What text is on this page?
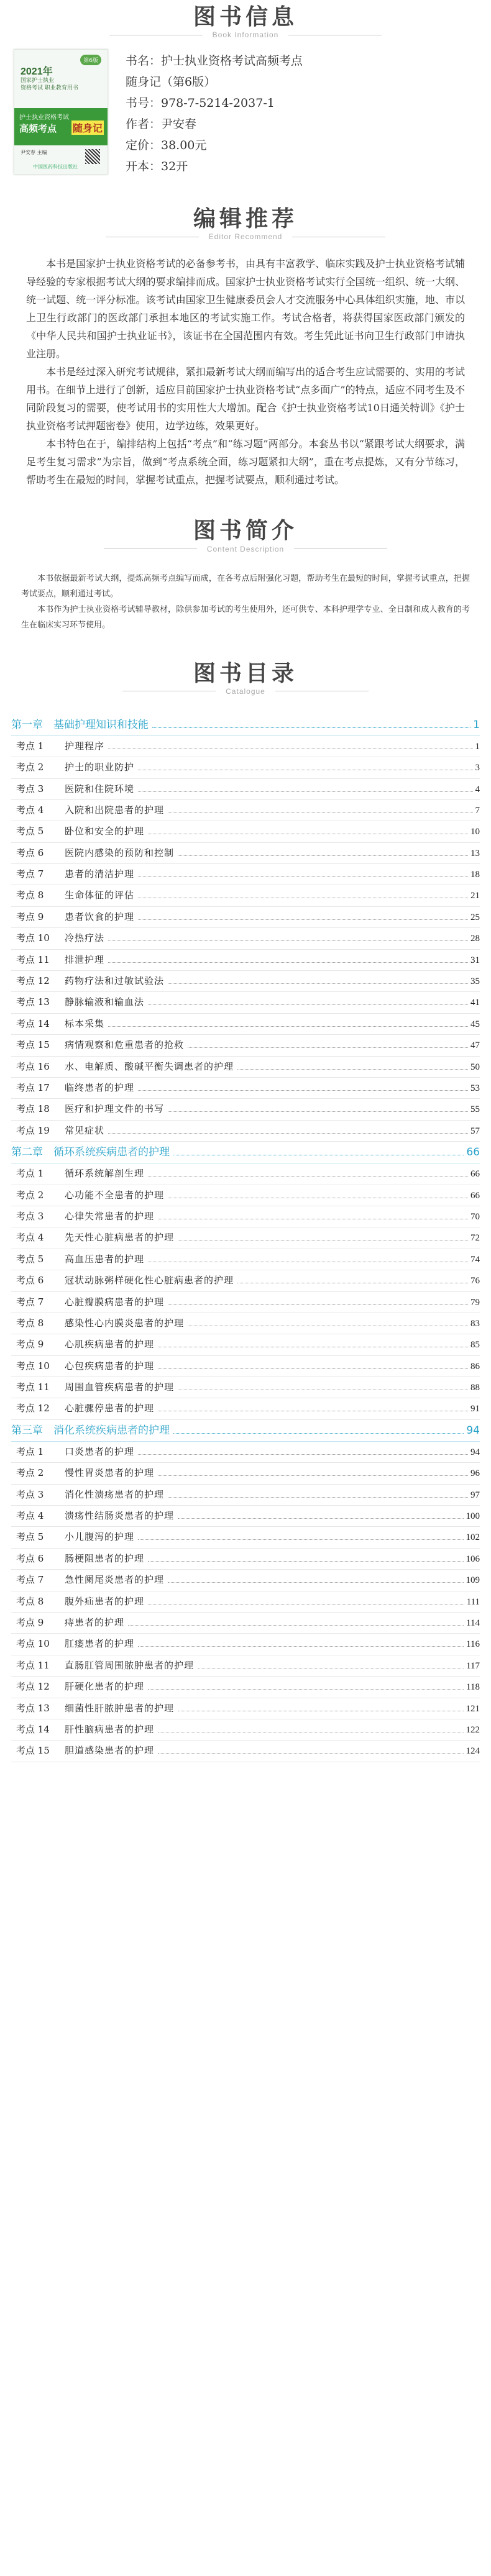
图书信息
Book Information
第6版
2021年
国家护士执业
资格考试 职业教育用书
护士执业资格考试
高频考点 随身记
尹安春 主编
中国医药科技出版社
书名：护士执业资格考试高频考点
随身记（第6版）
书号：978-7-5214-2037-1
作者：尹安春
定价：38.00元
开本：32开
编辑推荐
Editor Recommend

本书是国家护士执业资格考试的必备参考书，由具有丰富教学、临床实践及护士执业资格考试辅导经验的专家根据考试大纲的要求编排而成。国家护士执业资格考试实行全国统一组织、统一大纲、统一试题、统一评分标准。该考试由国家卫生健康委员会人才交流服务中心具体组织实施，地、市以上卫生行政部门的医政部门承担本地区的考试实施工作。考试合格者，将获得国家医政部门颁发的《中华人民共和国护士执业证书》，该证书在全国范围内有效。考生凭此证书向卫生行政部门申请执业注册。

本书是经过深入研究考试规律，紧扣最新考试大纲而编写出的适合考生应试需要的、实用的考试用书。在细节上进行了创新，适应目前国家护士执业资格考试“点多面广”的特点，适应不同考生及不同阶段复习的需要，使考试用书的实用性大大增加。配合《护士执业资格考试10日通关特训》《护士执业资格考试押题密卷》使用，边学边练，效果更好。

本书特色在于，编排结构上包括“考点”和“练习题”两部分。本套丛书以“紧跟考试大纲要求，满足考生复习需求”为宗旨，做到“考点系统全面，练习题紧扣大纲”，重在考点提炼，又有分节练习，帮助考生在最短的时间，掌握考试重点，把握考试要点，顺利通过考试。

图书简介
Content Description

本书依据最新考试大纲，提炼高频考点编写而成，在各考点后附强化习题，帮助考生在最短的时间，掌握考试重点，把握考试要点，顺利通过考试。

本书作为护士执业资格考试辅导教材，除供参加考试的考生使用外，还可供专、本科护理学专业、全日制和成人教育的考生在临床实习环节使用。

图书目录
Catalogue
第一章　基础护理知识和技能	1
考点 1	护理程序	1
考点 2	护士的职业防护	3
考点 3	医院和住院环境	4
考点 4	入院和出院患者的护理	7
考点 5	卧位和安全的护理	10
考点 6	医院内感染的预防和控制	13
考点 7	患者的清洁护理	18
考点 8	生命体征的评估	21
考点 9	患者饮食的护理	25
考点 10	冷热疗法	28
考点 11	排泄护理	31
考点 12	药物疗法和过敏试验法	35
考点 13	静脉输液和输血法	41
考点 14	标本采集	45
考点 15	病情观察和危重患者的抢救	47
考点 16	水、电解质、酸碱平衡失调患者的护理	50
考点 17	临终患者的护理	53
考点 18	医疗和护理文件的书写	55
考点 19	常见症状	57
第二章　循环系统疾病患者的护理	66
考点 1	循环系统解剖生理	66
考点 2	心功能不全患者的护理	66
考点 3	心律失常患者的护理	70
考点 4	先天性心脏病患者的护理	72
考点 5	高血压患者的护理	74
考点 6	冠状动脉粥样硬化性心脏病患者的护理	76
考点 7	心脏瓣膜病患者的护理	79
考点 8	感染性心内膜炎患者的护理	83
考点 9	心肌疾病患者的护理	85
考点 10	心包疾病患者的护理	86
考点 11	周围血管疾病患者的护理	88
考点 12	心脏骤停患者的护理	91
第三章　消化系统疾病患者的护理	94
考点 1	口炎患者的护理	94
考点 2	慢性胃炎患者的护理	96
考点 3	消化性溃疡患者的护理	97
考点 4	溃疡性结肠炎患者的护理	100
考点 5	小儿腹泻的护理	102
考点 6	肠梗阻患者的护理	106
考点 7	急性阑尾炎患者的护理	109
考点 8	腹外疝患者的护理	111
考点 9	痔患者的护理	114
考点 10	肛瘘患者的护理	116
考点 11	直肠肛管周围脓肿患者的护理	117
考点 12	肝硬化患者的护理	118
考点 13	细菌性肝脓肿患者的护理	121
考点 14	肝性脑病患者的护理	122
考点 15	胆道感染患者的护理	124
